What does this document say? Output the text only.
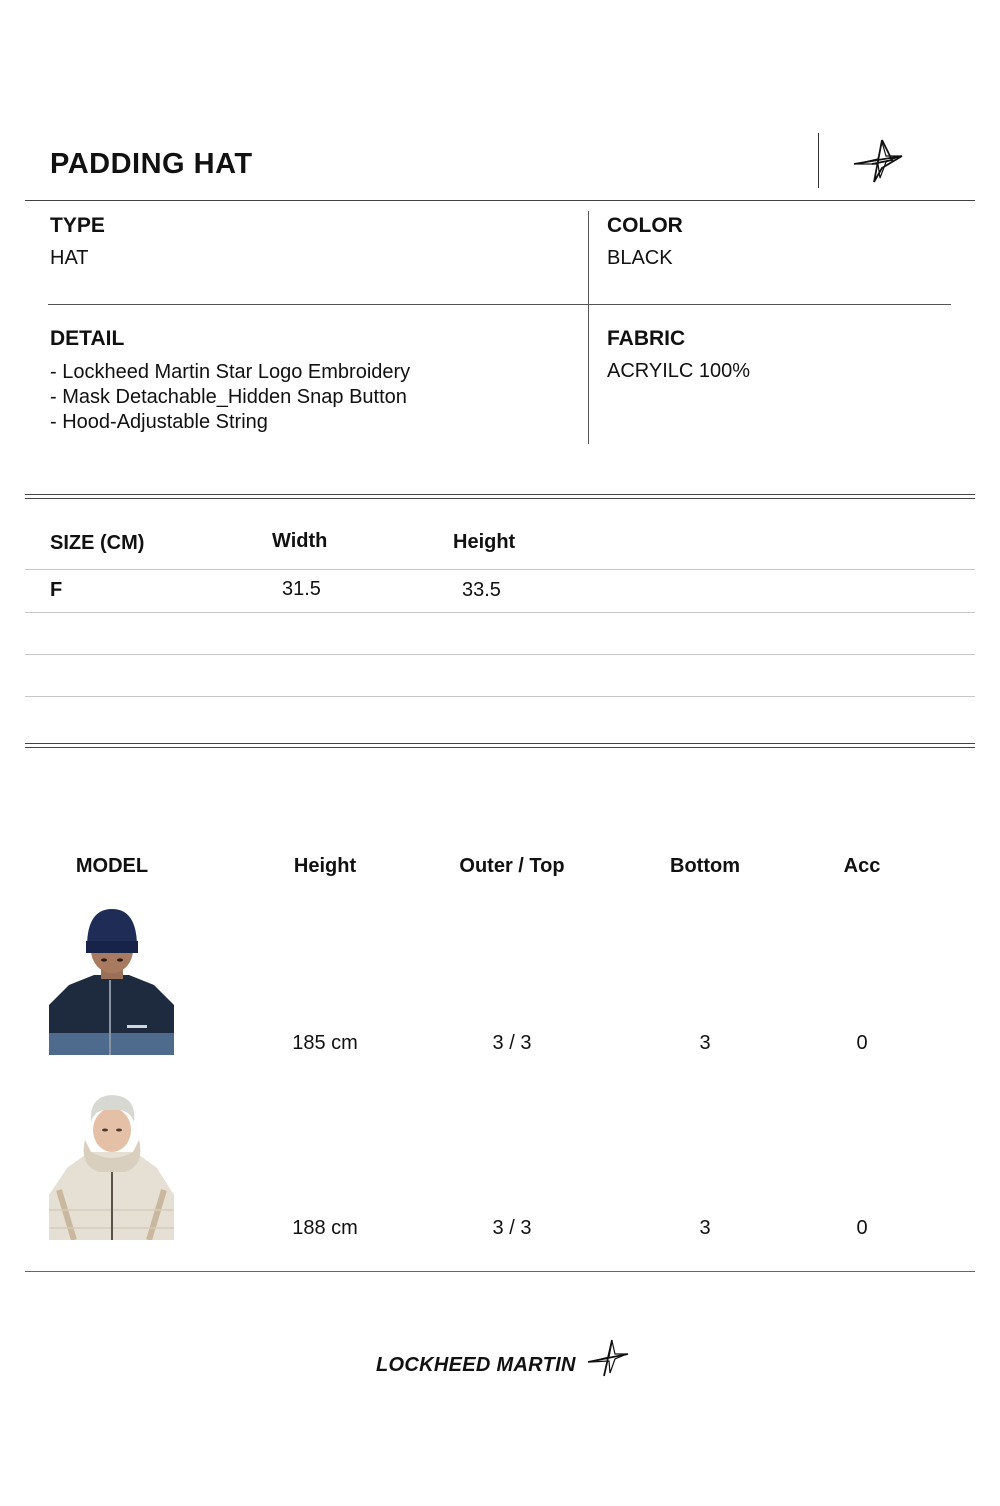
PADDING HAT
TYPE
HAT
COLOR
BLACK
DETAIL
- Lockheed Martin Star Logo Embroidery
- Mask Detachable_Hidden Snap Button
- Hood-Adjustable String
FABRIC
ACRYILC 100%
SIZE (CM)	Width	Height
F	31.5	33.5
MODEL	Height	Outer / Top	Bottom	Acc
185 cm	3 / 3	3	0
188 cm	3 / 3	3	0
LOCKHEED MARTIN
